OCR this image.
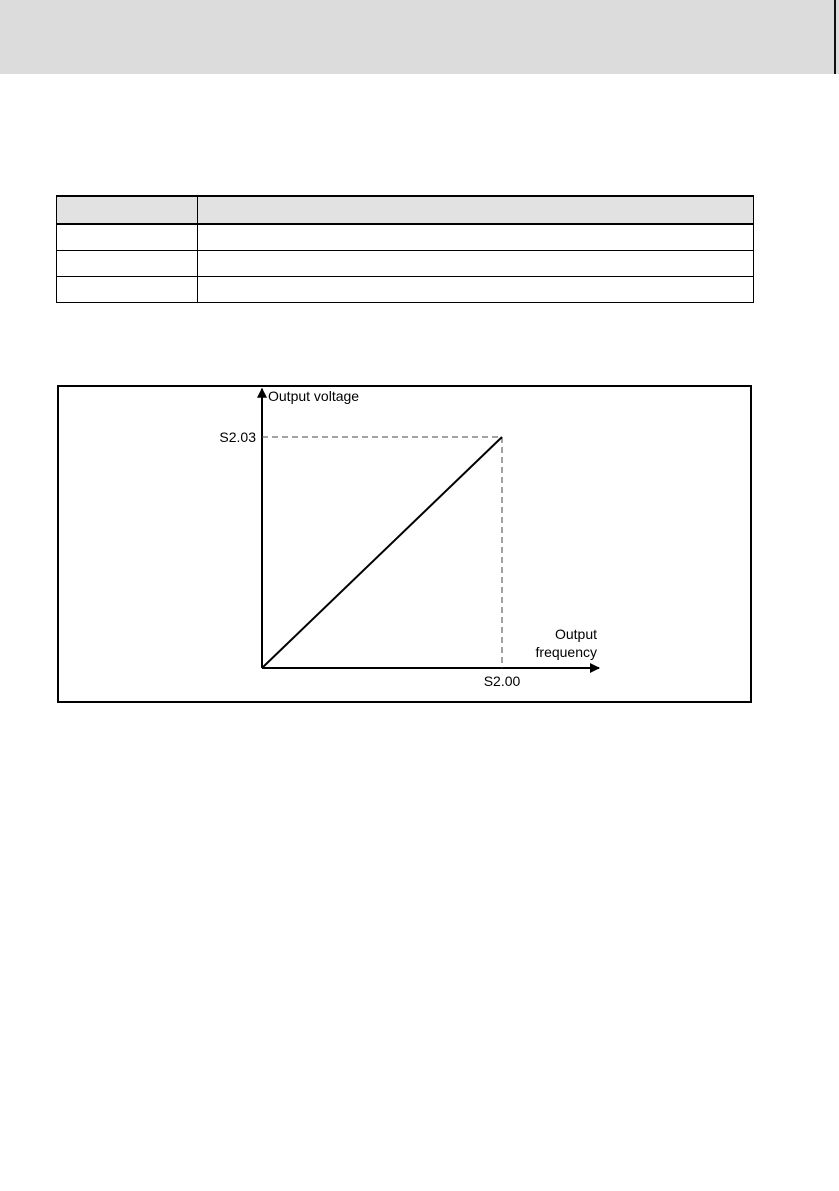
Output voltage
S2.03
S2.00
Output
frequency
